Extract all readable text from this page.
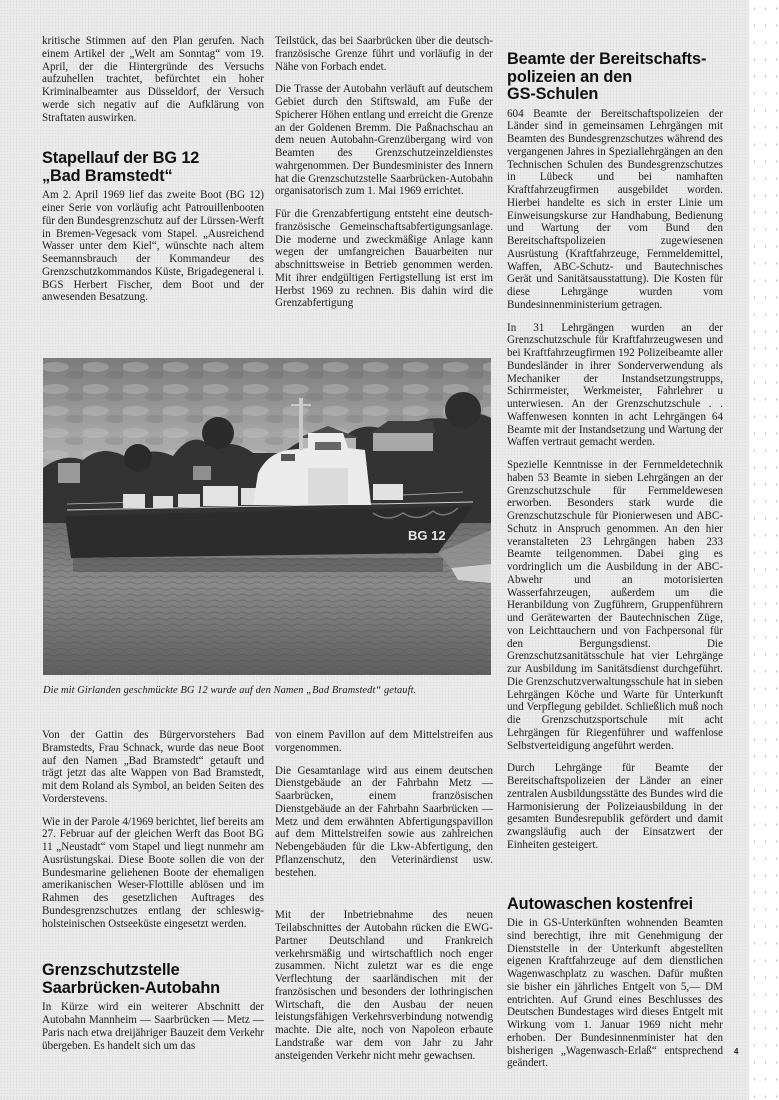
kritische Stimmen auf den Plan gerufen. Nach einem Artikel der „Welt am Sonntag“ vom 19. April, der die Hintergründe des Versuchs aufzuhellen trachtet, befürchtet ein hoher Kriminalbeamter aus Düsseldorf, der Versuch werde sich negativ auf die Aufklärung von Straftaten auswirken.

Stapellauf der BG 12
„Bad Bramstedt“

Am 2. April 1969 lief das zweite Boot (BG 12) einer Serie von vorläufig acht Patrouillenbooten für den Bundesgrenzschutz auf der Lürssen-Werft in Bremen-Vegesack vom Stapel. „Ausreichend Wasser unter dem Kiel“, wünschte nach altem Seemannsbrauch der Kommandeur des Grenzschutzkommandos Küste, Brigadegeneral i. BGS Herbert Fischer, dem Boot und der anwesenden Besatzung.

Teilstück, das bei Saarbrücken über die deutsch-französische Grenze führt und vorläufig in der Nähe von Forbach endet.

Die Trasse der Autobahn verläuft auf deutschem Gebiet durch den Stiftswald, am Fuße der Spicherer Höhen entlang und erreicht die Grenze an der Goldenen Bremm. Die Paßnachschau an dem neuen Autobahn-Grenzübergang wird von Beamten des Grenzschutzeinzeldienstes wahrgenommen. Der Bundesminister des Innern hat die Grenzschutzstelle Saarbrücken-Autobahn organisatorisch zum 1. Mai 1969 errichtet.

Für die Grenzabfertigung entsteht eine deutsch-französische Gemeinschaftsabfertigungsanlage. Die moderne und zweckmäßige Anlage kann wegen der umfangreichen Bauarbeiten nur abschnittsweise in Betrieb genommen werden. Mit ihrer endgültigen Fertigstellung ist erst im Herbst 1969 zu rechnen. Bis dahin wird die Grenzabfertigung

BG 12
Die mit Girlanden geschmückte BG 12 wurde auf den Namen „Bad Bramstedt“ getauft.

Von der Gattin des Bürgervorstehers Bad Bramstedts, Frau Schnack, wurde das neue Boot auf den Namen „Bad Bramstedt“ getauft und trägt jetzt das alte Wappen von Bad Bramstedt, mit dem Roland als Symbol, an beiden Seiten des Vorderstevens.

Wie in der Parole 4/1969 berichtet, lief bereits am 27. Februar auf der gleichen Werft das Boot BG 11 „Neustadt“ vom Stapel und liegt nunmehr am Ausrüstungskai. Diese Boote sollen die von der Bundesmarine geliehenen Boote der ehemaligen amerikanischen Weser-Flottille ablösen und im Rahmen des gesetzlichen Auftrages des Bundesgrenzschutzes entlang der schleswig-holsteinischen Ostseeküste eingesetzt werden.

Grenzschutzstelle
Saarbrücken-Autobahn

In Kürze wird ein weiterer Abschnitt der Autobahn Mannheim — Saarbrücken — Metz — Paris nach etwa dreijähriger Bauzeit dem Verkehr übergeben. Es handelt sich um das

von einem Pavillon auf dem Mittelstreifen aus vorgenommen.

Die Gesamtanlage wird aus einem deutschen Dienstgebäude an der Fahrbahn Metz — Saarbrücken, einem französischen Dienstgebäude an der Fahrbahn Saarbrücken — Metz und dem erwähnten Abfertigungspavillon auf dem Mittelstreifen sowie aus zahlreichen Nebengebäuden für die Lkw-Abfertigung, den Pflanzenschutz, den Veterinärdienst usw. bestehen.

Mit der Inbetriebnahme des neuen Teilabschnittes der Autobahn rücken die EWG-Partner Deutschland und Frankreich verkehrsmäßig und wirtschaftlich noch enger zusammen. Nicht zuletzt war es die enge Verflechtung der saarländischen mit der französischen und besonders der lothringischen Wirtschaft, die den Ausbau der neuen leistungsfähigen Verkehrsverbindung notwendig machte. Die alte, noch von Napoleon erbaute Landstraße war dem von Jahr zu Jahr ansteigenden Verkehr nicht mehr gewachsen.

Beamte der Bereitschafts-
polizeien an den
GS-Schulen

604 Beamte der Bereitschaftspolizeien der Länder sind in gemeinsamen Lehrgängen mit Beamten des Bundesgrenzschutzes während des vergangenen Jahres in Speziallehrgängen an den Technischen Schulen des Bundesgrenzschutzes in Lübeck und bei namhaften Kraftfahrzeugfirmen ausgebildet worden. Hierbei handelte es sich in erster Linie um Einweisungskurse zur Handhabung, Bedienung und Wartung der vom Bund den Bereitschaftspolizeien zugewiesenen Ausrüstung (Kraftfahrzeuge, Fernmeldemittel, Waffen, ABC-Schutz- und Bautechnisches Gerät und Sanitätsausstattung). Die Kosten für diese Lehrgänge wurden vom Bundesinnenministerium getragen.

In 31 Lehrgängen wurden an der Grenzschutzschule für Kraftfahrzeugwesen und bei Kraftfahrzeugfirmen 192 Polizeibeamte aller Bundesländer in ihrer Sonderverwendung als Mechaniker der Instandsetzungstrupps, Schirrmeister, Werkmeister, Fahrlehrer u unterwiesen. An der Grenzschutzschule . . Waffenwesen konnten in acht Lehrgängen 64 Beamte mit der Instandsetzung und Wartung der Waffen vertraut gemacht werden.

Spezielle Kenntnisse in der Fernmeldetechnik haben 53 Beamte in sieben Lehrgängen an der Grenzschutzschule für Fernmeldewesen erworben. Besonders stark wurde die Grenzschutzschule für Pionierwesen und ABC-Schutz in Anspruch genommen. An den hier veranstalteten 23 Lehrgängen haben 233 Beamte teilgenommen. Dabei ging es vordringlich um die Ausbildung in der ABC-Abwehr und an motorisierten Wasserfahrzeugen, außerdem um die Heranbildung von Zugführern, Gruppenführern und Gerätewarten der Bautechnischen Züge, von Leichttauchern und von Fachpersonal für den Bergungsdienst. Die Grenzschutzsanitätsschule hat vier Lehrgänge zur Ausbildung im Sanitätsdienst durchgeführt. Die Grenzschutzverwaltungsschule hat in sieben Lehrgängen Köche und Warte für Unterkunft und Verpflegung gebildet. Schließlich muß noch die Grenzschutzsportschule mit acht Lehrgängen für Riegenführer und waffenlose Selbstverteidigung angeführt werden.

Durch Lehrgänge für Beamte der Bereitschaftspolizeien der Länder an einer zentralen Ausbildungsstätte des Bundes wird die Harmonisierung der Polizeiausbildung in der gesamten Bundesrepublik gefördert und damit zwangsläufig auch der Einsatzwert der Einheiten gesteigert.

Autowaschen kostenfrei

Die in GS-Unterkünften wohnenden Beamten sind berechtigt, ihre mit Genehmigung der Dienststelle in der Unterkunft abgestellten eigenen Kraftfahrzeuge auf dem dienstlichen Wagenwaschplatz zu waschen. Dafür mußten sie bisher ein jährliches Entgelt von 5,— DM entrichten. Auf Grund eines Beschlusses des Deutschen Bundestages wird dieses Entgelt mit Wirkung vom 1. Januar 1969 nicht mehr erhoben. Der Bundesinnenminister hat den bisherigen „Wagenwasch-Erlaß“ entsprechend geändert.

4
